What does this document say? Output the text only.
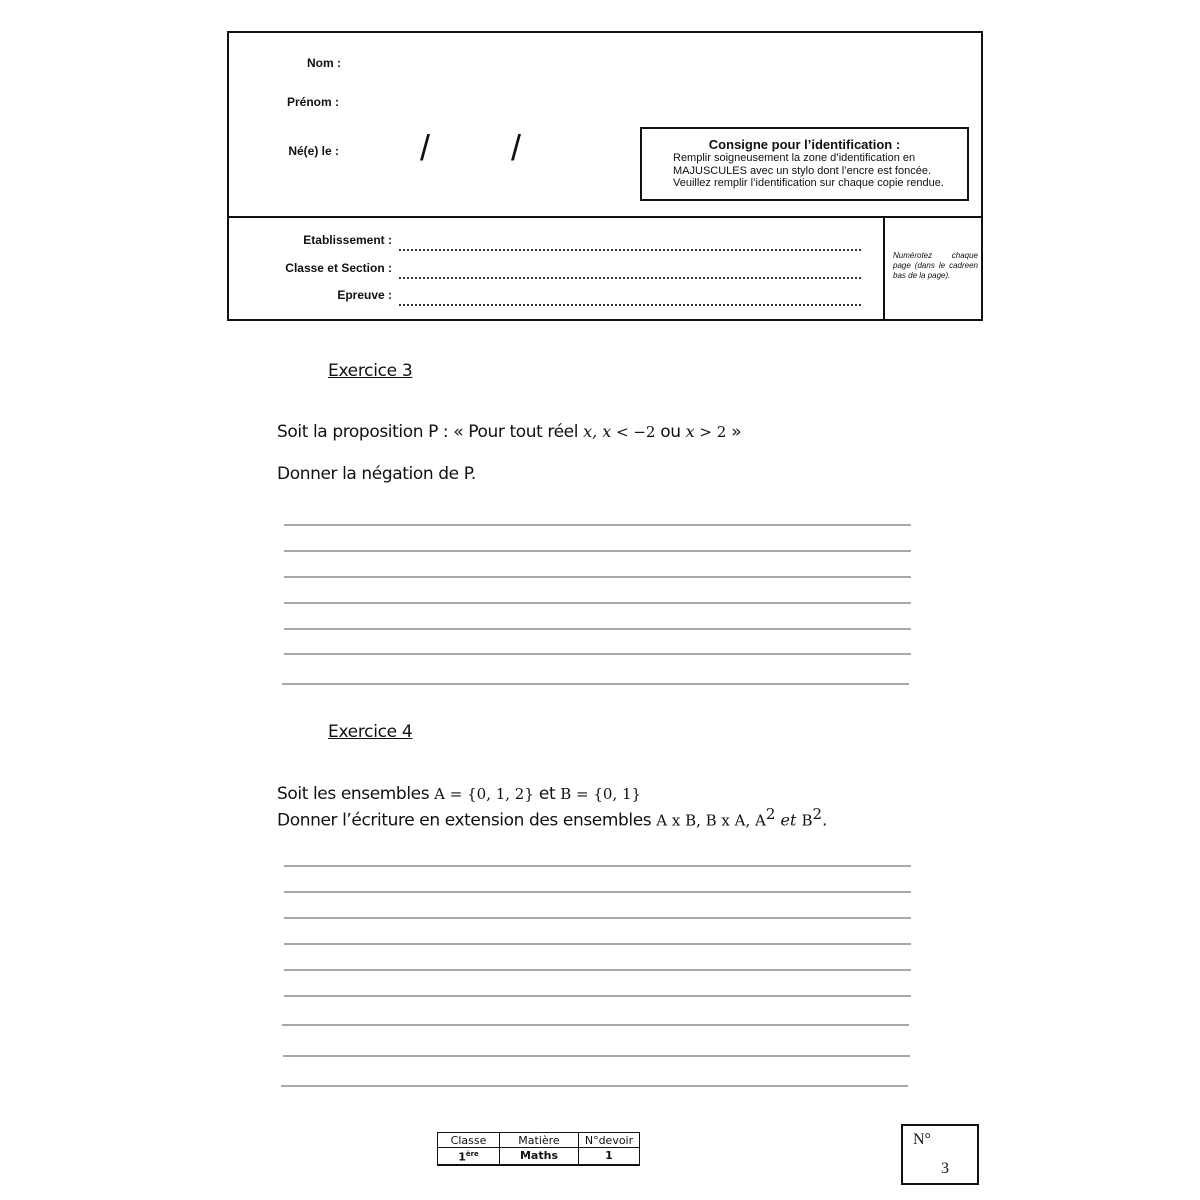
Nom :
Prénom :
Né(e) le : / /	Consigne pour l’identification :
Remplir soigneusement la zone d’identification en
MAJUSCULES avec un stylo dont l’encre est foncée.
Veuillez remplir l’identification sur chaque copie rendue.
Etablissement :
Classe et Section :
Epreuve :
Numérotez chaque page (dans le cadreen bas de la page).
Exercice 3
Soit la proposition P : « Pour tout réel x, x < −2 ou x > 2 »
Donner la négation de P.
Exercice 4
Soit les ensembles A = {0, 1, 2} et B = {0, 1}
Donner l’écriture en extension des ensembles A x B, B x A, $A^2$ et $B^2$.
Classe	Matière	N°devoir
1ère	Maths	1
N°
3
